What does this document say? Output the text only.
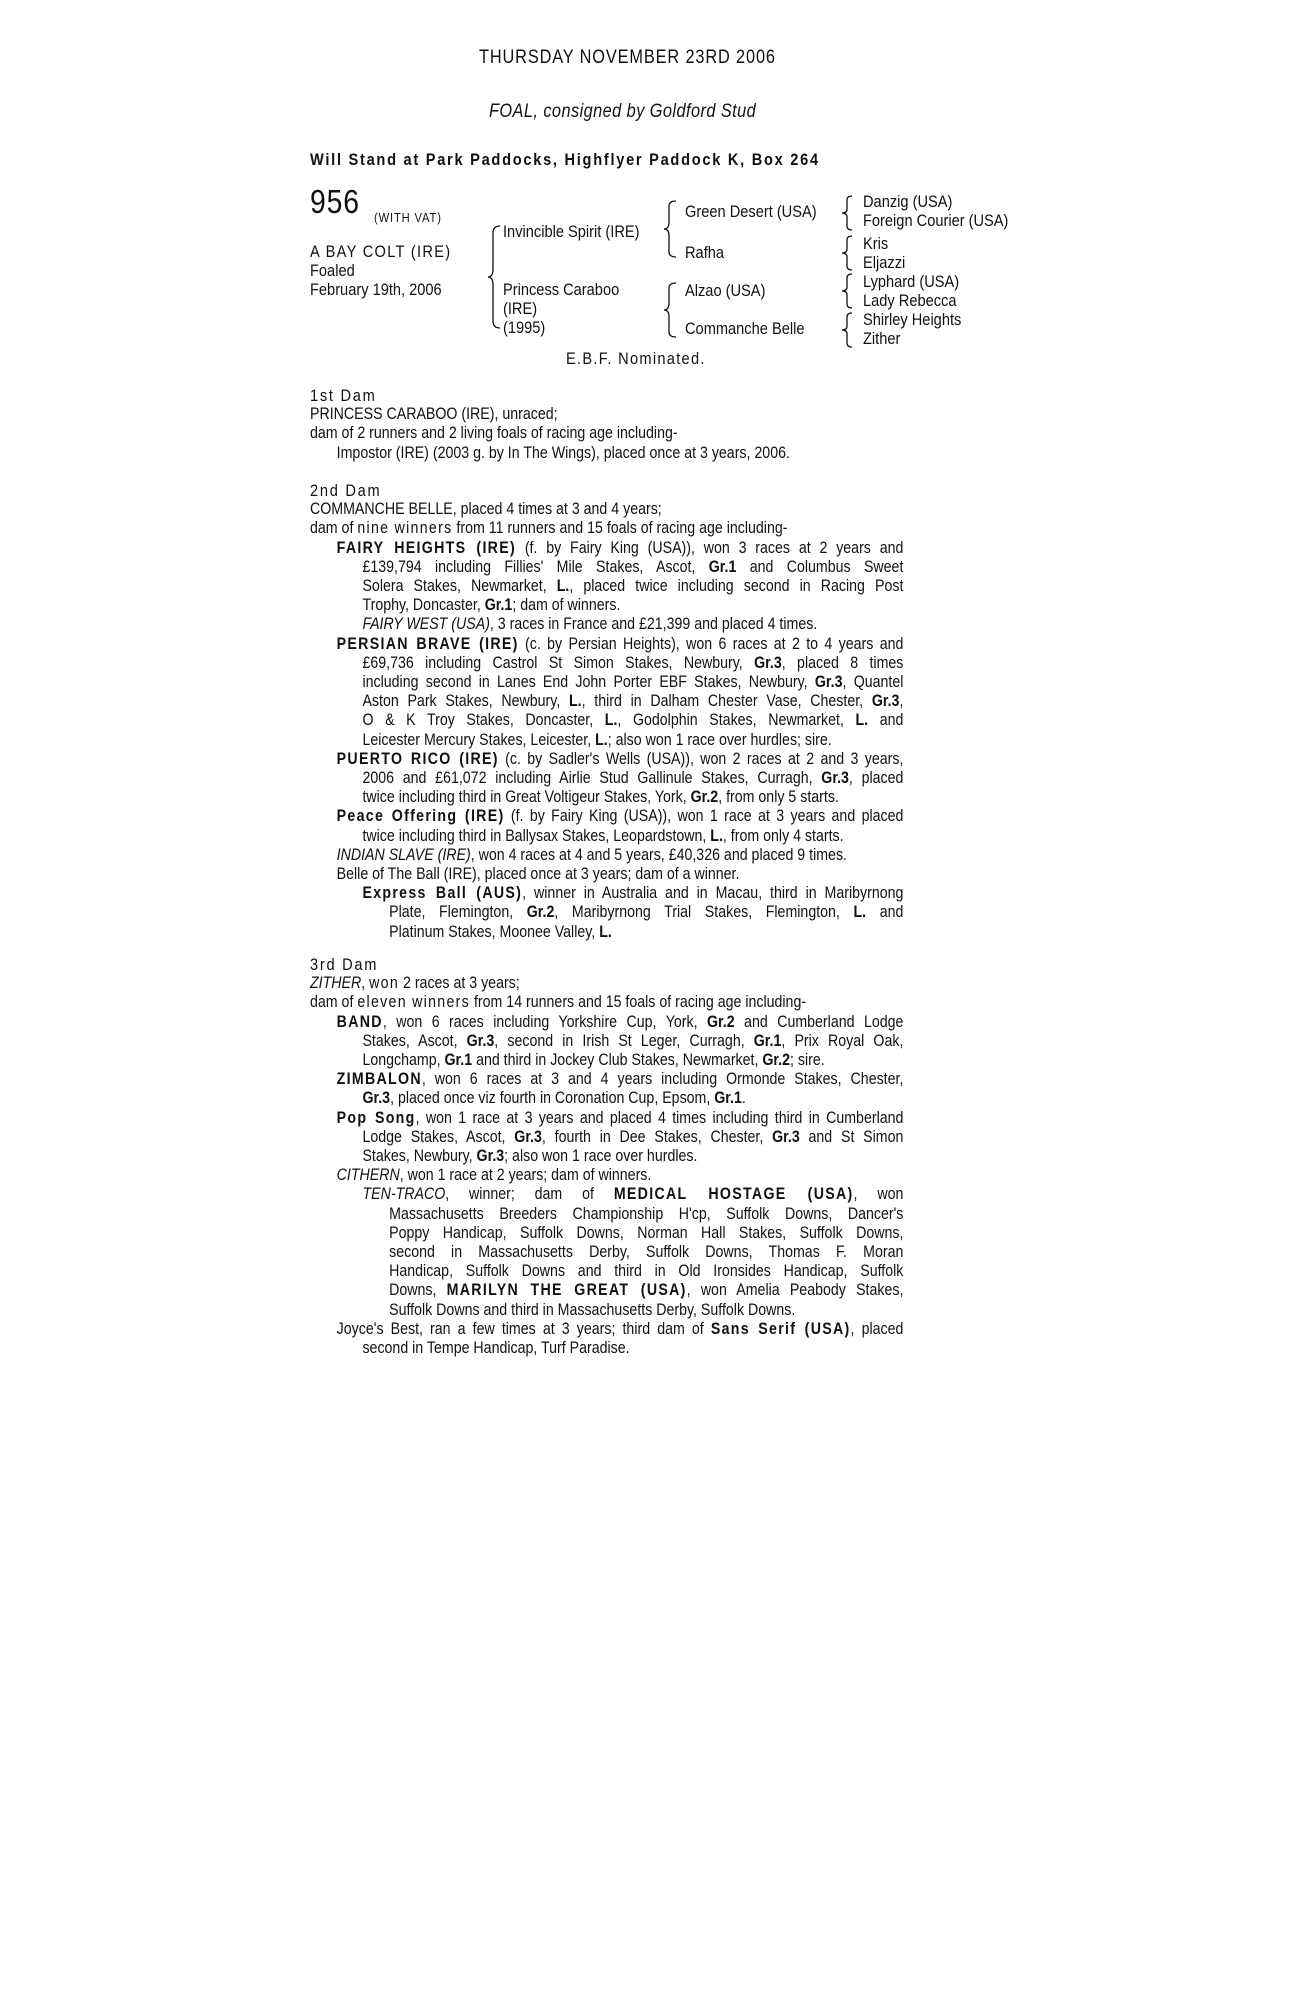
THURSDAY NOVEMBER 23RD 2006
FOAL, consigned by Goldford Stud
Will Stand at Park Paddocks, Highflyer Paddock K, Box 264
956 (WITH VAT)
A BAY COLT (IRE)
Foaled
February 19th, 2006
Invincible Spirit (IRE)
Princess Caraboo
(IRE)
(1995)
Green Desert (USA)
Rafha
Alzao (USA)
Commanche Belle
Danzig (USA)
Foreign Courier (USA)
Kris
Eljazzi
Lyphard (USA)
Lady Rebecca
Shirley Heights
Zither
E.B.F. Nominated.
1st Dam
PRINCESS CARABOO (IRE), unraced;
dam of 2 runners and 2 living foals of racing age including-
Impostor (IRE) (2003 g. by In The Wings), placed once at 3 years, 2006.
2nd Dam
COMMANCHE BELLE, placed 4 times at 3 and 4 years;
dam of nine winners from 11 runners and 15 foals of racing age including-
FAIRY HEIGHTS (IRE) (f. by Fairy King (USA)), won 3 races at 2 years and
£139,794 including Fillies' Mile Stakes, Ascot, Gr.1 and Columbus Sweet
Solera Stakes, Newmarket, L., placed twice including second in Racing Post
Trophy, Doncaster, Gr.1; dam of winners.
FAIRY WEST (USA), 3 races in France and £21,399 and placed 4 times.
PERSIAN BRAVE (IRE) (c. by Persian Heights), won 6 races at 2 to 4 years and
£69,736 including Castrol St Simon Stakes, Newbury, Gr.3, placed 8 times
including second in Lanes End John Porter EBF Stakes, Newbury, Gr.3, Quantel
Aston Park Stakes, Newbury, L., third in Dalham Chester Vase, Chester, Gr.3,
O & K Troy Stakes, Doncaster, L., Godolphin Stakes, Newmarket, L. and
Leicester Mercury Stakes, Leicester, L.; also won 1 race over hurdles; sire.
PUERTO RICO (IRE) (c. by Sadler's Wells (USA)), won 2 races at 2 and 3 years,
2006 and £61,072 including Airlie Stud Gallinule Stakes, Curragh, Gr.3, placed
twice including third in Great Voltigeur Stakes, York, Gr.2, from only 5 starts.
Peace Offering (IRE) (f. by Fairy King (USA)), won 1 race at 3 years and placed
twice including third in Ballysax Stakes, Leopardstown, L., from only 4 starts.
INDIAN SLAVE (IRE), won 4 races at 4 and 5 years, £40,326 and placed 9 times.
Belle of The Ball (IRE), placed once at 3 years; dam of a winner.
Express Ball (AUS), winner in Australia and in Macau, third in Maribyrnong
Plate, Flemington, Gr.2, Maribyrnong Trial Stakes, Flemington, L. and
Platinum Stakes, Moonee Valley, L.
3rd Dam
ZITHER, won 2 races at 3 years;
dam of eleven winners from 14 runners and 15 foals of racing age including-
BAND, won 6 races including Yorkshire Cup, York, Gr.2 and Cumberland Lodge
Stakes, Ascot, Gr.3, second in Irish St Leger, Curragh, Gr.1, Prix Royal Oak,
Longchamp, Gr.1 and third in Jockey Club Stakes, Newmarket, Gr.2; sire.
ZIMBALON, won 6 races at 3 and 4 years including Ormonde Stakes, Chester,
Gr.3, placed once viz fourth in Coronation Cup, Epsom, Gr.1.
Pop Song, won 1 race at 3 years and placed 4 times including third in Cumberland
Lodge Stakes, Ascot, Gr.3, fourth in Dee Stakes, Chester, Gr.3 and St Simon
Stakes, Newbury, Gr.3; also won 1 race over hurdles.
CITHERN, won 1 race at 2 years; dam of winners.
TEN-TRACO, winner; dam of MEDICAL HOSTAGE (USA), won
Massachusetts Breeders Championship H'cp, Suffolk Downs, Dancer's
Poppy Handicap, Suffolk Downs, Norman Hall Stakes, Suffolk Downs,
second in Massachusetts Derby, Suffolk Downs, Thomas F. Moran
Handicap, Suffolk Downs and third in Old Ironsides Handicap, Suffolk
Downs, MARILYN THE GREAT (USA), won Amelia Peabody Stakes,
Suffolk Downs and third in Massachusetts Derby, Suffolk Downs.
Joyce's Best, ran a few times at 3 years; third dam of Sans Serif (USA), placed
second in Tempe Handicap, Turf Paradise.
